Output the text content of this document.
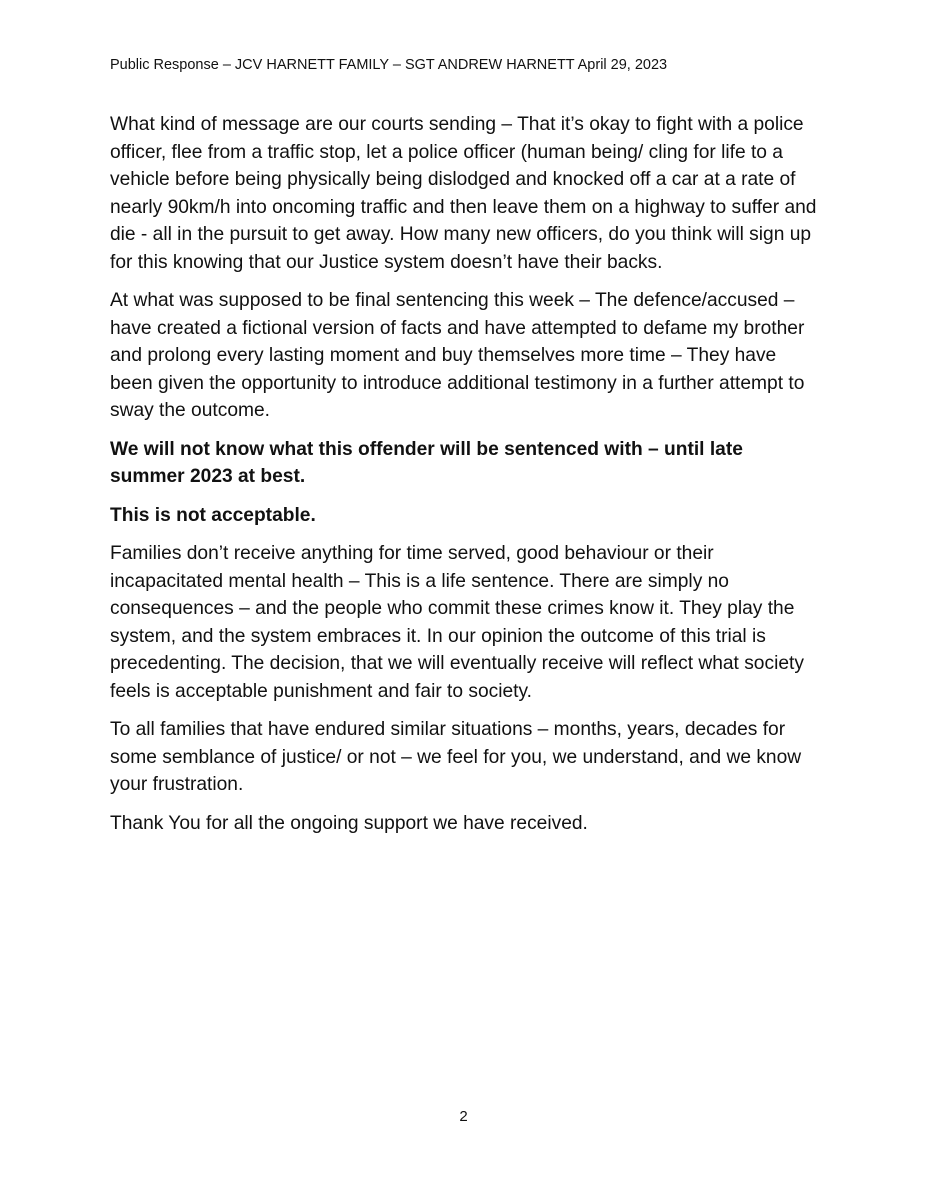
Public Response – JCV HARNETT FAMILY – SGT ANDREW HARNETT April 29, 2023

What kind of message are our courts sending – That it’s okay to fight with a police officer, flee from a traffic stop, let a police officer (human being/ cling for life to a vehicle before being physically being dislodged and knocked off a car at a rate of nearly 90km/h into oncoming traffic and then leave them on a highway to suffer and die - all in the pursuit to get away. How many new officers, do you think will sign up for this knowing that our Justice system doesn’t have their backs.

At what was supposed to be final sentencing this week – The defence/accused – have created a fictional version of facts and have attempted to defame my brother and prolong every lasting moment and buy themselves more time – They have been given the opportunity to introduce additional testimony in a further attempt to sway the outcome.

We will not know what this offender will be sentenced with – until late summer 2023 at best.

This is not acceptable.

Families don’t receive anything for time served, good behaviour or their incapacitated mental health – This is a life sentence. There are simply no consequences – and the people who commit these crimes know it. They play the system, and the system embraces it. In our opinion the outcome of this trial is precedenting. The decision, that we will eventually receive will reflect what society feels is acceptable punishment and fair to society.

To all families that have endured similar situations – months, years, decades for some semblance of justice/ or not – we feel for you, we understand, and we know your frustration.

Thank You for all the ongoing support we have received.

2
